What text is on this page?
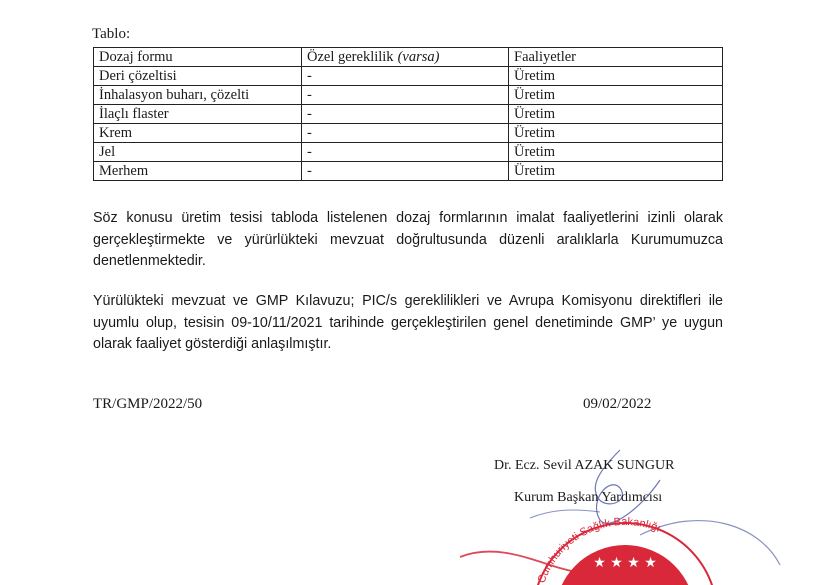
Tablo:
Dozaj formu	Özel gereklilik (varsa)	Faaliyetler
Deri çözeltisi	-	Üretim
İnhalasyon buharı, çözelti	-	Üretim
İlaçlı flaster	-	Üretim
Krem	-	Üretim
Jel	-	Üretim
Merhem	-	Üretim

Söz konusu üretim tesisi tabloda listelenen dozaj formlarının imalat faaliyetlerini izinli olarak gerçekleştirmekte ve yürürlükteki mevzuat doğrultusunda düzenli aralıklarla Kurumumuzca denetlenmektedir.

Yürülükteki mevzuat ve GMP Kılavuzu; PIC/s gereklilikleri ve Avrupa Komisyonu direktifleri ile uyumlu olup, tesisin 09-10/11/2021 tarihinde gerçekleştirilen genel denetiminde GMP’ ye uygun olarak faaliyet gösterdiği anlaşılmıştır.

TR/GMP/2022/50	09/02/2022
Dr. Ecz. Sevil AZAK SUNGUR
Kurum Başkan Yardımcısı
Cumhuriyeti Sağlık Bakanlığı
★ ★ ★ ★
